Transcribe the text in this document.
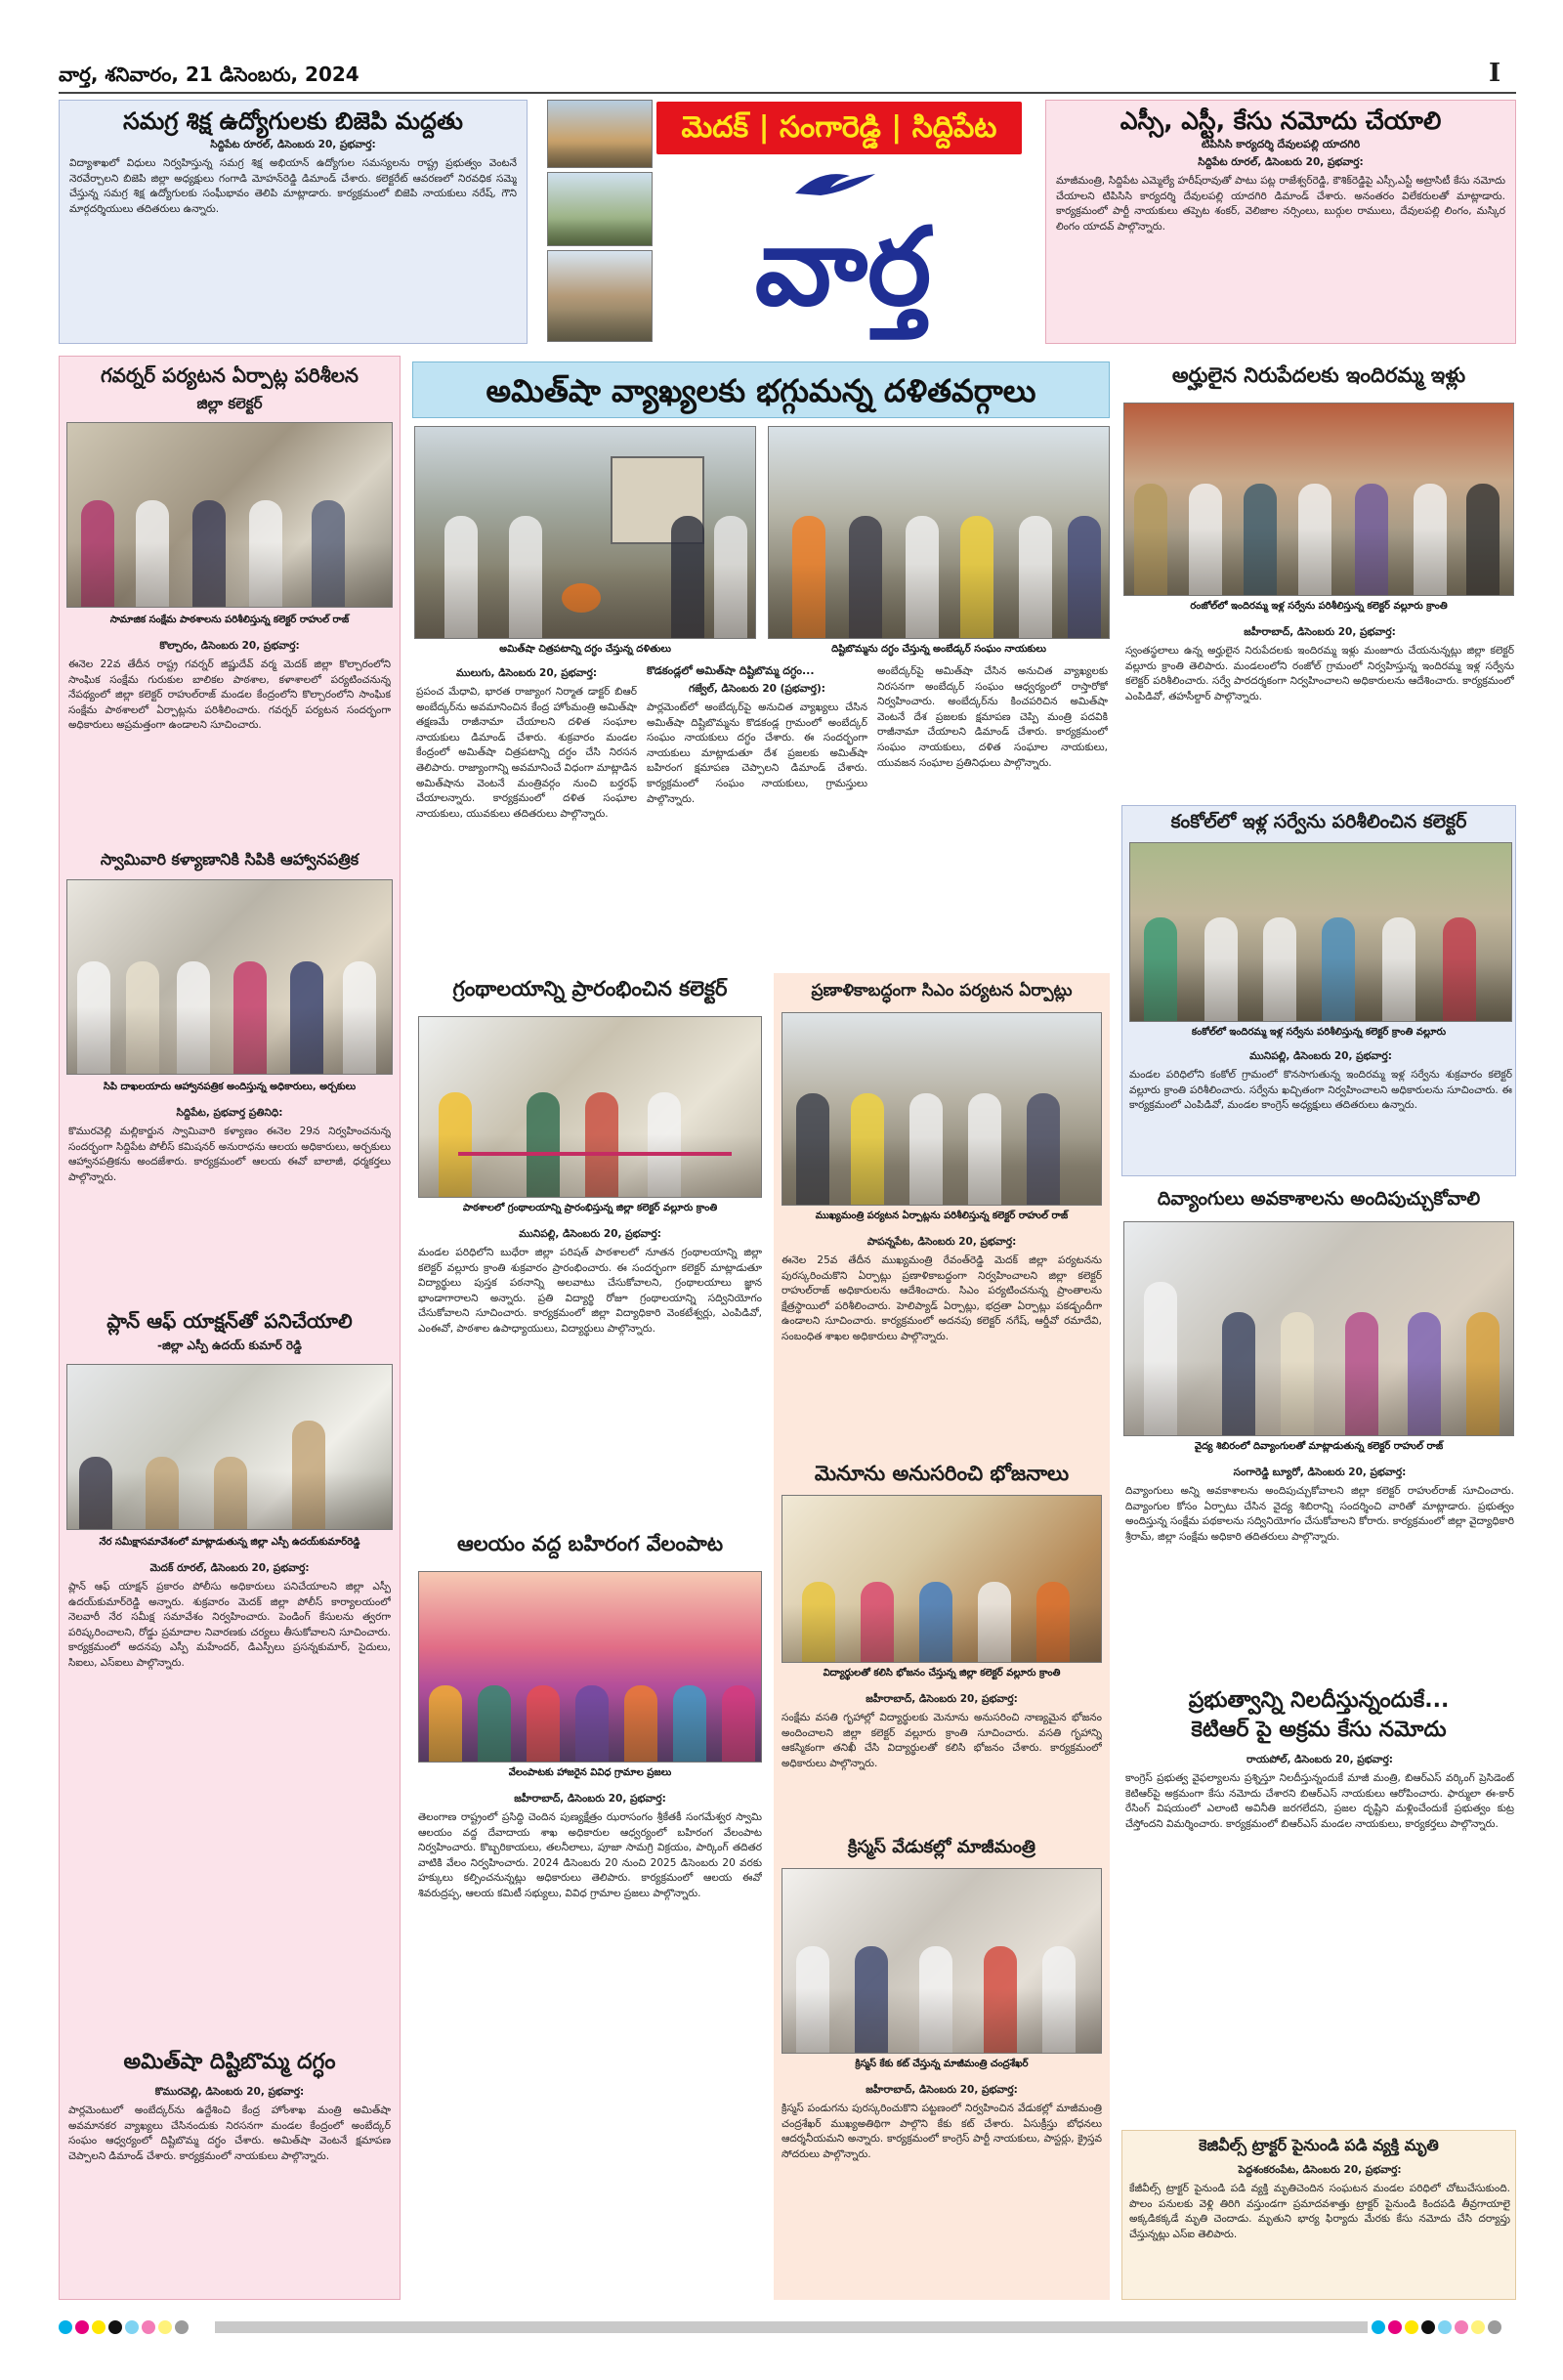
వార్త, శనివారం, 21 డిసెంబరు, 2024	I
సమగ్ర శిక్ష ఉద్యోగులకు బిజెపి మద్దతు
సిద్దిపేట రూరల్, డిసెంబరు 20, ప్రభవార్త:
విద్యాశాఖలో విధులు నిర్వహిస్తున్న సమగ్ర శిక్ష అభియాన్ ఉద్యోగుల సమస్యలను రాష్ట్ర ప్రభుత్వం వెంటనే నెరవేర్చాలని బిజెపి జిల్లా అధ్యక్షులు గంగాడి మోహన్‌రెడ్డి డిమాండ్ చేశారు. కలెక్టరేట్ ఆవరణలో నిరవధిక సమ్మె చేస్తున్న సమగ్ర శిక్ష ఉద్యోగులకు సంఘీభావం తెలిపి మాట్లాడారు. కార్యక్రమంలో బిజెపి నాయకులు నరేష్, గౌని మార్గదర్శియులు తదితరులు ఉన్నారు.
మెదక్ | సంగారెడ్డి | సిద్దిపేట
వార్త
ఎస్సీ, ఎస్టీ, కేసు నమోదు చేయాలి
టిపిసిసి కార్యదర్శి దేవులపల్లి యాదగిరి
సిద్దిపేట రూరల్, డిసెంబరు 20, ప్రభవార్త:
మాజీమంత్రి, సిద్దిపేట ఎమ్మెల్యే హరీష్‌రావుతో పాటు పట్ల రాజేశ్వర్‌రెడ్డి, కౌశిక్‌రెడ్డిపై ఎస్సీ,ఎస్టీ అట్రాసిటీ కేసు నమోదు చేయాలని టిపిసిసి కార్యదర్శి దేవులపల్లి యాదగిరి డిమాండ్ చేశారు. అనంతరం విలేకరులతో మాట్లాడారు. కార్యక్రమంలో పార్టీ నాయకులు తప్పెట శంకర్, వెలిజాల నర్సింలు, బుర్గుల రాములు, దేవులపల్లి లింగం, మస్కిర లింగం యాదవ్ పాల్గొన్నారు.
గవర్నర్ పర్యటన ఏర్పాట్ల పరిశీలన
జిల్లా కలెక్టర్
సామాజిక సంక్షేమ పాఠశాలను పరిశీలిస్తున్న కలెక్టర్ రాహుల్ రాజ్
కొల్చారం, డిసెంబరు 20, ప్రభవార్త:
ఈనెల 22వ తేదీన రాష్ట్ర గవర్నర్ జిష్ణుదేవ్ వర్మ మెదక్ జిల్లా కొల్చారంలోని సాంఘిక సంక్షేమ గురుకుల బాలికల పాఠశాల, కళాశాలలో పర్యటించనున్న నేపథ్యంలో జిల్లా కలెక్టర్ రాహుల్‌రాజ్ మండల కేంద్రంలోని కొల్చారంలోని సాంఘిక సంక్షేమ పాఠశాలలో ఏర్పాట్లను పరిశీలించారు. గవర్నర్ పర్యటన సందర్భంగా అధికారులు అప్రమత్తంగా ఉండాలని సూచించారు.
స్వామివారి కళ్యాణానికి సిపికి ఆహ్వానపత్రిక
సిపి దాఖలయాదు ఆహ్వానపత్రిక అందిస్తున్న అధికారులు, అర్చకులు
సిద్దిపేట, ప్రభవార్త ప్రతినిధి:
కొమురవెల్లి మల్లికార్జున స్వామివారి కళ్యాణం ఈనెల 29న నిర్వహించనున్న సందర్భంగా సిద్దిపేట పోలీస్ కమిషనర్ అనురాధను ఆలయ అధికారులు, అర్చకులు ఆహ్వానపత్రికను అందజేశారు. కార్యక్రమంలో ఆలయ ఈవో బాలాజీ, ధర్మకర్తలు పాల్గొన్నారు.
ప్లాన్ ఆఫ్ యాక్షన్‌తో పనిచేయాలి
-జిల్లా ఎస్పీ ఉదయ్ కుమార్ రెడ్డి
నేర సమీక్షాసమావేశంలో మాట్లాడుతున్న జిల్లా ఎస్పీ ఉదయ్‌కుమార్‌రెడ్డి
మెదక్ రూరల్, డిసెంబరు 20, ప్రభవార్త:
ప్లాన్ ఆఫ్ యాక్షన్ ప్రకారం పోలీసు అధికారులు పనిచేయాలని జిల్లా ఎస్పీ ఉదయ్‌కుమార్‌రెడ్డి అన్నారు. శుక్రవారం మెదక్ జిల్లా పోలీస్ కార్యాలయంలో నెలవారీ నేర సమీక్ష సమావేశం నిర్వహించారు. పెండింగ్ కేసులను త్వరగా పరిష్కరించాలని, రోడ్డు ప్రమాదాల నివారణకు చర్యలు తీసుకోవాలని సూచించారు. కార్యక్రమంలో అదనపు ఎస్పీ మహేందర్, డిఎస్పీలు ప్రసన్నకుమార్, సైదులు, సిఐలు, ఎస్‌ఐలు పాల్గొన్నారు.
అమిత్‌షా దిష్టిబొమ్మ దగ్ధం
కొమురవెల్లి, డిసెంబరు 20, ప్రభవార్త:
పార్లమెంటులో అంబేద్కర్‌ను ఉద్దేశించి కేంద్ర హోంశాఖ మంత్రి అమిత్‌షా అవమానకర వ్యాఖ్యలు చేసినందుకు నిరసనగా మండల కేంద్రంలో అంబేద్కర్ సంఘం ఆధ్వర్యంలో దిష్టిబొమ్మ దగ్ధం చేశారు. అమిత్‌షా వెంటనే క్షమాపణ చెప్పాలని డిమాండ్ చేశారు. కార్యక్రమంలో నాయకులు పాల్గొన్నారు.
అమిత్‌షా వ్యాఖ్యలకు భగ్గుమన్న దళితవర్గాలు
అమిత్‌షా చిత్రపటాన్ని దగ్ధం చేస్తున్న దళితులు	దిష్టిబొమ్మను దగ్ధం చేస్తున్న అంబేడ్కర్ సంఘం నాయకులు
ములుగు, డిసెంబరు 20, ప్రభవార్త:
ప్రపంచ మేధావి, భారత రాజ్యాంగ నిర్మాత డాక్టర్ బిఆర్ అంబేద్కర్‌ను అవమానించిన కేంద్ర హోంమంత్రి అమిత్‌షా తక్షణమే రాజీనామా చేయాలని దళిత సంఘాల నాయకులు డిమాండ్ చేశారు. శుక్రవారం మండల కేంద్రంలో అమిత్‌షా చిత్రపటాన్ని దగ్ధం చేసి నిరసన తెలిపారు. రాజ్యాంగాన్ని అవమానించే విధంగా మాట్లాడిన అమిత్‌షాను వెంటనే మంత్రివర్గం నుంచి బర్తరఫ్ చేయాలన్నారు. కార్యక్రమంలో దళిత సంఘాల నాయకులు, యువకులు తదితరులు పాల్గొన్నారు.
కొడకండ్లలో అమిత్‌షా దిష్టిబొమ్మ దగ్ధం...
గజ్వేల్, డిసెంబరు 20 (ప్రభవార్త):
పార్లమెంట్‌లో అంబేద్కర్‌పై అనుచిత వ్యాఖ్యలు చేసిన అమిత్‌షా దిష్టిబొమ్మను కొడకండ్ల గ్రామంలో అంబేద్కర్ సంఘం నాయకులు దగ్ధం చేశారు. ఈ సందర్భంగా నాయకులు మాట్లాడుతూ దేశ ప్రజలకు అమిత్‌షా బహిరంగ క్షమాపణ చెప్పాలని డిమాండ్ చేశారు. కార్యక్రమంలో సంఘం నాయకులు, గ్రామస్తులు పాల్గొన్నారు.
అంబేద్కర్‌పై అమిత్‌షా చేసిన అనుచిత వ్యాఖ్యలకు నిరసనగా అంబేద్కర్ సంఘం ఆధ్వర్యంలో రాస్తారోకో నిర్వహించారు. అంబేద్కర్‌ను కించపరిచిన అమిత్‌షా వెంటనే దేశ ప్రజలకు క్షమాపణ చెప్పి మంత్రి పదవికి రాజీనామా చేయాలని డిమాండ్ చేశారు. కార్యక్రమంలో సంఘం నాయకులు, దళిత సంఘాల నాయకులు, యువజన సంఘాల ప్రతినిధులు పాల్గొన్నారు.
గ్రంథాలయాన్ని ప్రారంభించిన కలెక్టర్
పాఠశాలలో గ్రంథాలయాన్ని ప్రారంభిస్తున్న జిల్లా కలెక్టర్ వల్లూరు క్రాంతి
మునిపల్లి, డిసెంబరు 20, ప్రభవార్త:
మండల పరిధిలోని బుధేరా జిల్లా పరిషత్ పాఠశాలలో నూతన గ్రంథాలయాన్ని జిల్లా కలెక్టర్ వల్లూరు క్రాంతి శుక్రవారం ప్రారంభించారు. ఈ సందర్భంగా కలెక్టర్ మాట్లాడుతూ విద్యార్థులు పుస్తక పఠనాన్ని అలవాటు చేసుకోవాలని, గ్రంథాలయాలు జ్ఞాన భాండాగారాలని అన్నారు. ప్రతి విద్యార్థి రోజూ గ్రంథాలయాన్ని సద్వినియోగం చేసుకోవాలని సూచించారు. కార్యక్రమంలో జిల్లా విద్యాధికారి వెంకటేశ్వర్లు, ఎంపిడివో, ఎంఈవో, పాఠశాల ఉపాధ్యాయులు, విద్యార్థులు పాల్గొన్నారు.
ఆలయం వద్ద బహిరంగ వేలంపాట
వేలంపాటకు హాజరైన వివిధ గ్రామాల ప్రజలు
జహీరాబాద్, డిసెంబరు 20, ప్రభవార్త:
తెలంగాణ రాష్ట్రంలో ప్రసిద్ధి చెందిన పుణ్యక్షేత్రం ఝరాసంగం శ్రీకేతకీ సంగమేశ్వర స్వామి ఆలయం వద్ద దేవాదాయ శాఖ అధికారుల ఆధ్వర్యంలో బహిరంగ వేలంపాట నిర్వహించారు. కొబ్బరికాయలు, తలనీలాలు, పూజా సామగ్రి విక్రయం, పార్కింగ్ తదితర వాటికి వేలం నిర్వహించారు. 2024 డిసెంబరు 20 నుంచి 2025 డిసెంబరు 20 వరకు హక్కులు కల్పించనున్నట్లు అధికారులు తెలిపారు. కార్యక్రమంలో ఆలయ ఈవో శివరుద్రప్ప, ఆలయ కమిటీ సభ్యులు, వివిధ గ్రామాల ప్రజలు పాల్గొన్నారు.
ప్రణాళికాబద్ధంగా సిఎం పర్యటన ఏర్పాట్లు
ముఖ్యమంత్రి పర్యటన ఏర్పాట్లను పరిశీలిస్తున్న కలెక్టర్ రాహుల్ రాజ్
పాపన్నపేట, డిసెంబరు 20, ప్రభవార్త:
ఈనెల 25వ తేదీన ముఖ్యమంత్రి రేవంత్‌రెడ్డి మెదక్ జిల్లా పర్యటనను పురస్కరించుకొని ఏర్పాట్లు ప్రణాళికాబద్ధంగా నిర్వహించాలని జిల్లా కలెక్టర్ రాహుల్‌రాజ్ అధికారులను ఆదేశించారు. సిఎం పర్యటించనున్న ప్రాంతాలను క్షేత్రస్థాయిలో పరిశీలించారు. హెలిప్యాడ్ ఏర్పాట్లు, భద్రతా ఏర్పాట్లు పకడ్బందీగా ఉండాలని సూచించారు. కార్యక్రమంలో అదనపు కలెక్టర్ నగేష్, ఆర్డీవో రమాదేవి, సంబంధిత శాఖల అధికారులు పాల్గొన్నారు.
మెనూను అనుసరించి భోజనాలు
విద్యార్థులతో కలిసి భోజనం చేస్తున్న జిల్లా కలెక్టర్ వల్లూరు క్రాంతి
జహీరాబాద్, డిసెంబరు 20, ప్రభవార్త:
సంక్షేమ వసతి గృహాల్లో విద్యార్థులకు మెనూను అనుసరించి నాణ్యమైన భోజనం అందించాలని జిల్లా కలెక్టర్ వల్లూరు క్రాంతి సూచించారు. వసతి గృహాన్ని ఆకస్మికంగా తనిఖీ చేసి విద్యార్థులతో కలిసి భోజనం చేశారు. కార్యక్రమంలో అధికారులు పాల్గొన్నారు.
క్రిస్మస్ వేడుకల్లో మాజీమంత్రి
క్రిస్మస్ కేకు కట్ చేస్తున్న మాజీమంత్రి చంద్రశేఖర్
జహీరాబాద్, డిసెంబరు 20, ప్రభవార్త:
క్రిస్మస్ పండుగను పురస్కరించుకొని పట్టణంలో నిర్వహించిన వేడుకల్లో మాజీమంత్రి చంద్రశేఖర్ ముఖ్యఅతిథిగా పాల్గొని కేకు కట్ చేశారు. ఏసుక్రీస్తు బోధనలు ఆదర్శనీయమని అన్నారు. కార్యక్రమంలో కాంగ్రెస్ పార్టీ నాయకులు, పాస్టర్లు, క్రైస్తవ సోదరులు పాల్గొన్నారు.
అర్హులైన నిరుపేదలకు ఇందిరమ్మ ఇళ్లు
రంజోల్‌లో ఇందిరమ్మ ఇళ్ల సర్వేను పరిశీలిస్తున్న కలెక్టర్ వల్లూరు క్రాంతి
జహీరాబాద్, డిసెంబరు 20, ప్రభవార్త:
స్వంతస్థలాలు ఉన్న అర్హులైన నిరుపేదలకు ఇందిరమ్మ ఇళ్లు మంజూరు చేయనున్నట్లు జిల్లా కలెక్టర్ వల్లూరు క్రాంతి తెలిపారు. మండలంలోని రంజోల్ గ్రామంలో నిర్వహిస్తున్న ఇందిరమ్మ ఇళ్ల సర్వేను కలెక్టర్ పరిశీలించారు. సర్వే పారదర్శకంగా నిర్వహించాలని అధికారులను ఆదేశించారు. కార్యక్రమంలో ఎంపిడివో, తహసీల్దార్ పాల్గొన్నారు.
కంకోల్‌లో ఇళ్ల సర్వేను పరిశీలించిన కలెక్టర్
కంకోల్‌లో ఇందిరమ్మ ఇళ్ల సర్వేను పరిశీలిస్తున్న కలెక్టర్ క్రాంతి వల్లూరు
మునిపల్లి, డిసెంబరు 20, ప్రభవార్త:
మండల పరిధిలోని కంకోల్ గ్రామంలో కొనసాగుతున్న ఇందిరమ్మ ఇళ్ల సర్వేను శుక్రవారం కలెక్టర్ వల్లూరు క్రాంతి పరిశీలించారు. సర్వేను ఖచ్చితంగా నిర్వహించాలని అధికారులను సూచించారు. ఈ కార్యక్రమంలో ఎంపిడివో, మండల కాంగ్రెస్ అధ్యక్షులు తదితరులు ఉన్నారు.
దివ్యాంగులు అవకాశాలను అందిపుచ్చుకోవాలి
వైద్య శిబిరంలో దివ్యాంగులతో మాట్లాడుతున్న కలెక్టర్ రాహుల్ రాజ్
సంగారెడ్డి బ్యూరో, డిసెంబరు 20, ప్రభవార్త:
దివ్యాంగులు అన్ని అవకాశాలను అందిపుచ్చుకోవాలని జిల్లా కలెక్టర్ రాహుల్‌రాజ్ సూచించారు. దివ్యాంగుల కోసం ఏర్పాటు చేసిన వైద్య శిబిరాన్ని సందర్శించి వారితో మాట్లాడారు. ప్రభుత్వం అందిస్తున్న సంక్షేమ పథకాలను సద్వినియోగం చేసుకోవాలని కోరారు. కార్యక్రమంలో జిల్లా వైద్యాధికారి శ్రీరామ్, జిల్లా సంక్షేమ అధికారి తదితరులు పాల్గొన్నారు.
ప్రభుత్వాన్ని నిలదీస్తున్నందుకే...
కెటిఆర్ పై అక్రమ కేసు నమోదు
రాయపోల్, డిసెంబరు 20, ప్రభవార్త:
కాంగ్రెస్ ప్రభుత్వ వైఫల్యాలను ప్రశ్నిస్తూ నిలదీస్తున్నందుకే మాజీ మంత్రి, బిఆర్‌ఎస్ వర్కింగ్ ప్రెసిడెంట్ కెటిఆర్‌పై అక్రమంగా కేసు నమోదు చేశారని బిఆర్‌ఎస్ నాయకులు ఆరోపించారు. ఫార్ములా ఈ-కార్ రేసింగ్ విషయంలో ఎలాంటి అవినీతి జరగలేదని, ప్రజల దృష్టిని మళ్లించేందుకే ప్రభుత్వం కుట్ర చేస్తోందని విమర్శించారు. కార్యక్రమంలో బిఆర్‌ఎస్ మండల నాయకులు, కార్యకర్తలు పాల్గొన్నారు.
కెజివీల్స్ ట్రాక్టర్ పైనుండి పడి వ్యక్తి మృతి
పెద్దశంకరంపేట, డిసెంబరు 20, ప్రభవార్త:
కేజీవీల్స్ ట్రాక్టర్ పైనుండి పడి వ్యక్తి మృతిచెందిన సంఘటన మండల పరిధిలో చోటుచేసుకుంది. పొలం పనులకు వెళ్లి తిరిగి వస్తుండగా ప్రమాదవశాత్తు ట్రాక్టర్ పైనుండి కిందపడి తీవ్రగాయాలై అక్కడికక్కడే మృతి చెందాడు. మృతుని భార్య ఫిర్యాదు మేరకు కేసు నమోదు చేసి దర్యాప్తు చేస్తున్నట్లు ఎస్‌ఐ తెలిపారు.
